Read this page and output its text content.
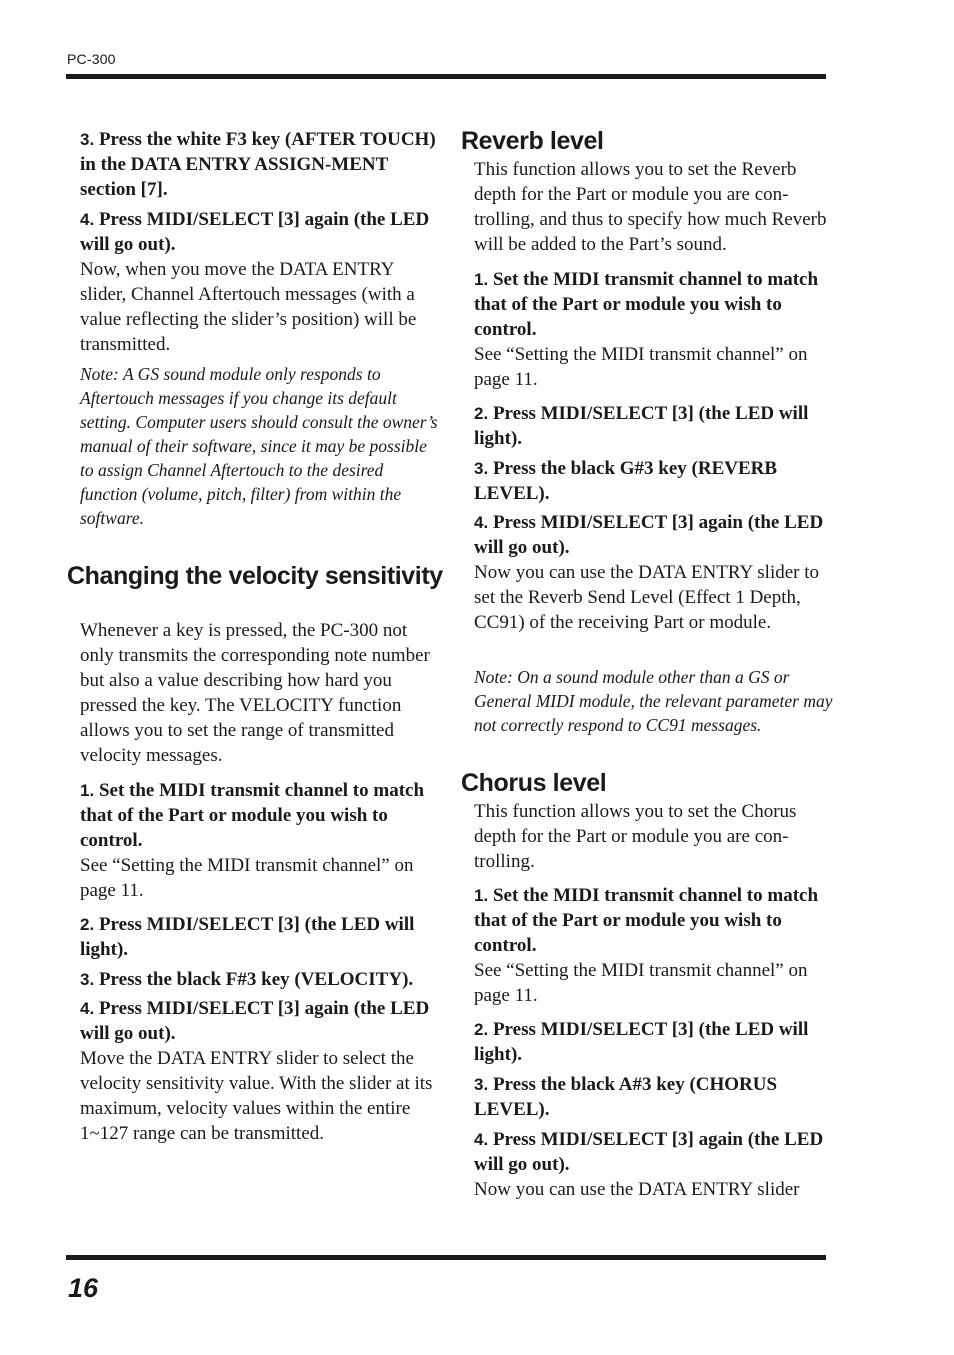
PC-300
3. Press the white F3 key (AFTER TOUCH) in the DATA ENTRY ASSIGN-MENT section [7].
4. Press MIDI/SELECT [3] again (the LED will go out).
Now, when you move the DATA ENTRY slider, Channel Aftertouch messages (with a value reflecting the slider’s position) will be transmitted.
Note: A GS sound module only responds to Aftertouch messages if you change its default setting. Computer users should consult the owner’s manual of their software, since it may be possible to assign Channel Aftertouch to the desired function (volume, pitch, filter) from within the software.
Changing the velocity sensitivity
Whenever a key is pressed, the PC-300 not only transmits the corresponding note number but also a value describing how hard you pressed the key. The VELOCITY function allows you to set the range of transmitted velocity messages.
1. Set the MIDI transmit channel to match that of the Part or module you wish to control.
See “Setting the MIDI transmit channel” on page 11.
2. Press MIDI/SELECT [3] (the LED will light).
3. Press the black F#3 key (VELOCITY).
4. Press MIDI/SELECT [3] again (the LED will go out).
Move the DATA ENTRY slider to select the velocity sensitivity value. With the slider at its maximum, velocity values within the entire 1~127 range can be transmitted.
Reverb level
This function allows you to set the Reverb depth for the Part or module you are con-trolling, and thus to specify how much Reverb will be added to the Part’s sound.
1. Set the MIDI transmit channel to match that of the Part or module you wish to control.
See “Setting the MIDI transmit channel” on page 11.
2. Press MIDI/SELECT [3] (the LED will light).
3. Press the black G#3 key (REVERB LEVEL).
4. Press MIDI/SELECT [3] again (the LED will go out).
Now you can use the DATA ENTRY slider to set the Reverb Send Level (Effect 1 Depth, CC91) of the receiving Part or module.
Note: On a sound module other than a GS or General MIDI module, the relevant parameter may not correctly respond to CC91 messages.
Chorus level
This function allows you to set the Chorus depth for the Part or module you are con-trolling.
1. Set the MIDI transmit channel to match that of the Part or module you wish to control.
See “Setting the MIDI transmit channel” on page 11.
2. Press MIDI/SELECT [3] (the LED will light).
3. Press the black A#3 key (CHORUS LEVEL).
4. Press MIDI/SELECT [3] again (the LED will go out).
Now you can use the DATA ENTRY slider
16
